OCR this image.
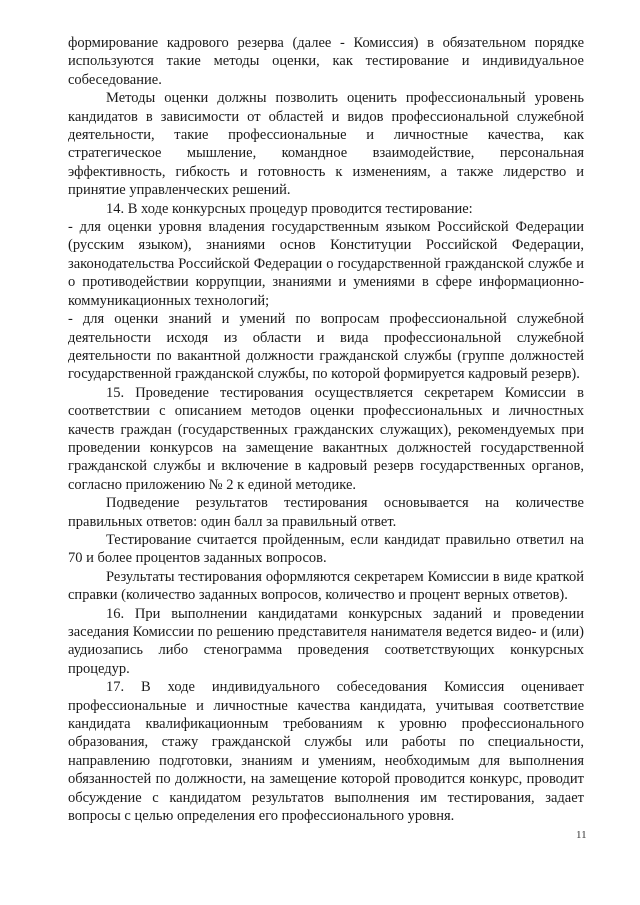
формирование кадрового резерва (далее - Комиссия) в обязательном порядке используются такие методы оценки, как тестирование и индивидуальное собеседование.

Методы оценки должны позволить оценить профессиональный уровень кандидатов в зависимости от областей и видов профессиональной служебной деятельности, такие профессиональные и личностные качества, как стратегическое мышление, командное взаимодействие, персональная эффективность, гибкость и готовность к изменениям, а также лидерство и принятие управленческих решений.

14. В ходе конкурсных процедур проводится тестирование:

- для оценки уровня владения государственным языком Российской Федерации (русским языком), знаниями основ Конституции Российской Федерации, законодательства Российской Федерации о государственной гражданской службе и о противодействии коррупции, знаниями и умениями в сфере информационно-коммуникационных технологий;

- для оценки знаний и умений по вопросам профессиональной служебной деятельности исходя из области и вида профессиональной служебной деятельности по вакантной должности гражданской службы (группе должностей государственной гражданской службы, по которой формируется кадровый резерв).

15. Проведение тестирования осуществляется секретарем Комиссии в соответствии с описанием методов оценки профессиональных и личностных качеств граждан (государственных гражданских служащих), рекомендуемых при проведении конкурсов на замещение вакантных должностей государственной гражданской службы и включение в кадровый резерв государственных органов, согласно приложению № 2 к единой методике.

Подведение результатов тестирования основывается на количестве правильных ответов: один балл за правильный ответ.

Тестирование считается пройденным, если кандидат правильно ответил на 70 и более процентов заданных вопросов.

Результаты тестирования оформляются секретарем Комиссии в виде краткой справки (количество заданных вопросов, количество и процент верных ответов).

16. При выполнении кандидатами конкурсных заданий и проведении заседания Комиссии по решению представителя нанимателя ведется видео- и (или) аудиозапись либо стенограмма проведения соответствующих конкурсных процедур.

17. В ходе индивидуального собеседования Комиссия оценивает профессиональные и личностные качества кандидата, учитывая соответствие кандидата квалификационным требованиям к уровню профессионального образования, стажу гражданской службы или работы по специальности, направлению подготовки, знаниям и умениям, необходимым для выполнения обязанностей по должности, на замещение которой проводится конкурс, проводит обсуждение с кандидатом результатов выполнения им тестирования, задает вопросы с целью определения его профессионального уровня.

11
